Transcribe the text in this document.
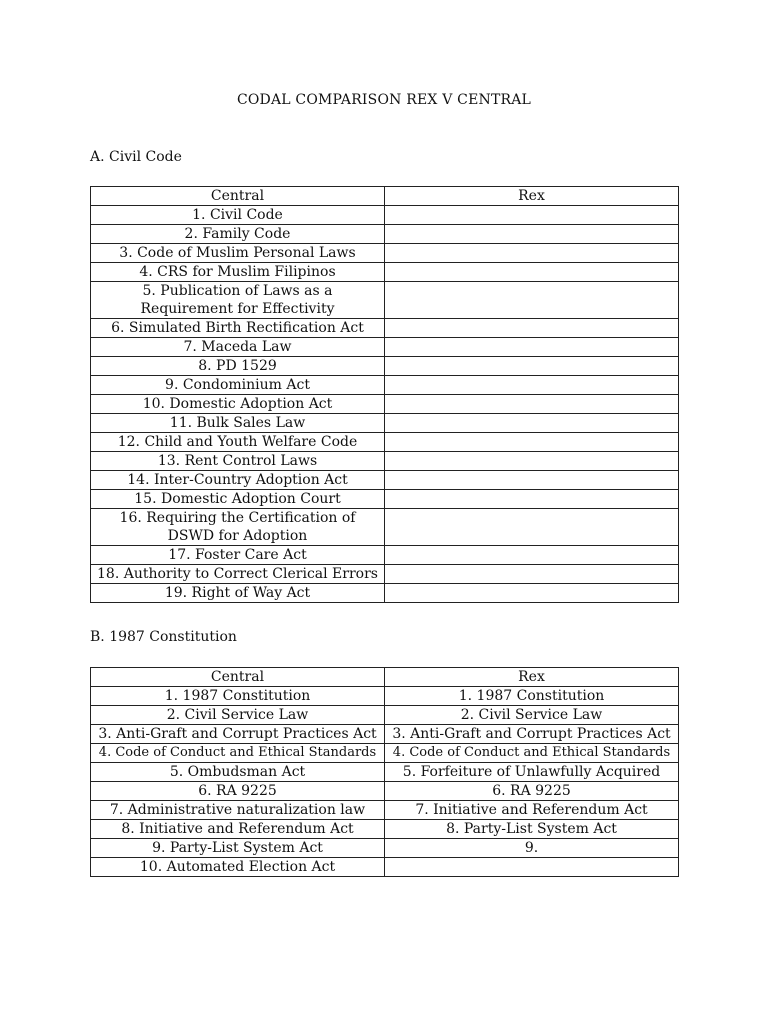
CODAL COMPARISON REX V CENTRAL
A. Civil Code
Central	Rex
1. Civil Code	
2. Family Code	
3. Code of Muslim Personal Laws	
4. CRS for Muslim Filipinos	
5. Publication of Laws as a Requirement for Effectivity	
6. Simulated Birth Rectification Act	
7. Maceda Law	
8. PD 1529	
9. Condominium Act	
10. Domestic Adoption Act	
11. Bulk Sales Law	
12. Child and Youth Welfare Code	
13. Rent Control Laws	
14. Inter-Country Adoption Act	
15. Domestic Adoption Court	
16. Requiring the Certification of DSWD for Adoption	
17. Foster Care Act	
18. Authority to Correct Clerical Errors	
19. Right of Way Act	
B. 1987 Constitution
Central	Rex
1. 1987 Constitution	1. 1987 Constitution
2. Civil Service Law	2. Civil Service Law
3. Anti-Graft and Corrupt Practices Act	3. Anti-Graft and Corrupt Practices Act
4. Code of Conduct and Ethical Standards	4. Code of Conduct and Ethical Standards
5. Ombudsman Act	5. Forfeiture of Unlawfully Acquired
6. RA 9225	6. RA 9225
7. Administrative naturalization law	7. Initiative and Referendum Act
8. Initiative and Referendum Act	8. Party-List System Act
9. Party-List System Act	9.
10. Automated Election Act	
